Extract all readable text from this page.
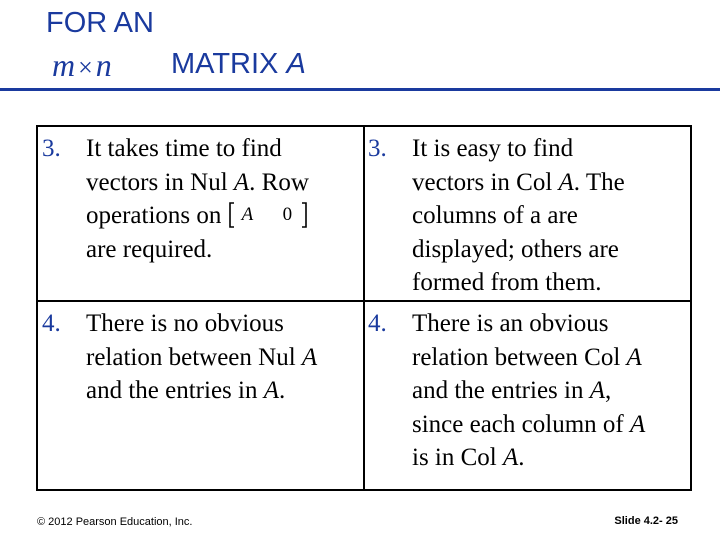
FOR AN
m×n MATRIX A
3. It takes time to find
vectors in Nul A. Row
operations on A 0
are required.
4. There is no obvious
relation between Nul A
and the entries in A.
3. It is easy to find
vectors in Col A. The
columns of a are
displayed; others are
formed from them.
4. There is an obvious
relation between Col A
and the entries in A,
since each column of A
is in Col A.
© 2012 Pearson Education, Inc.	Slide 4.2- 25
